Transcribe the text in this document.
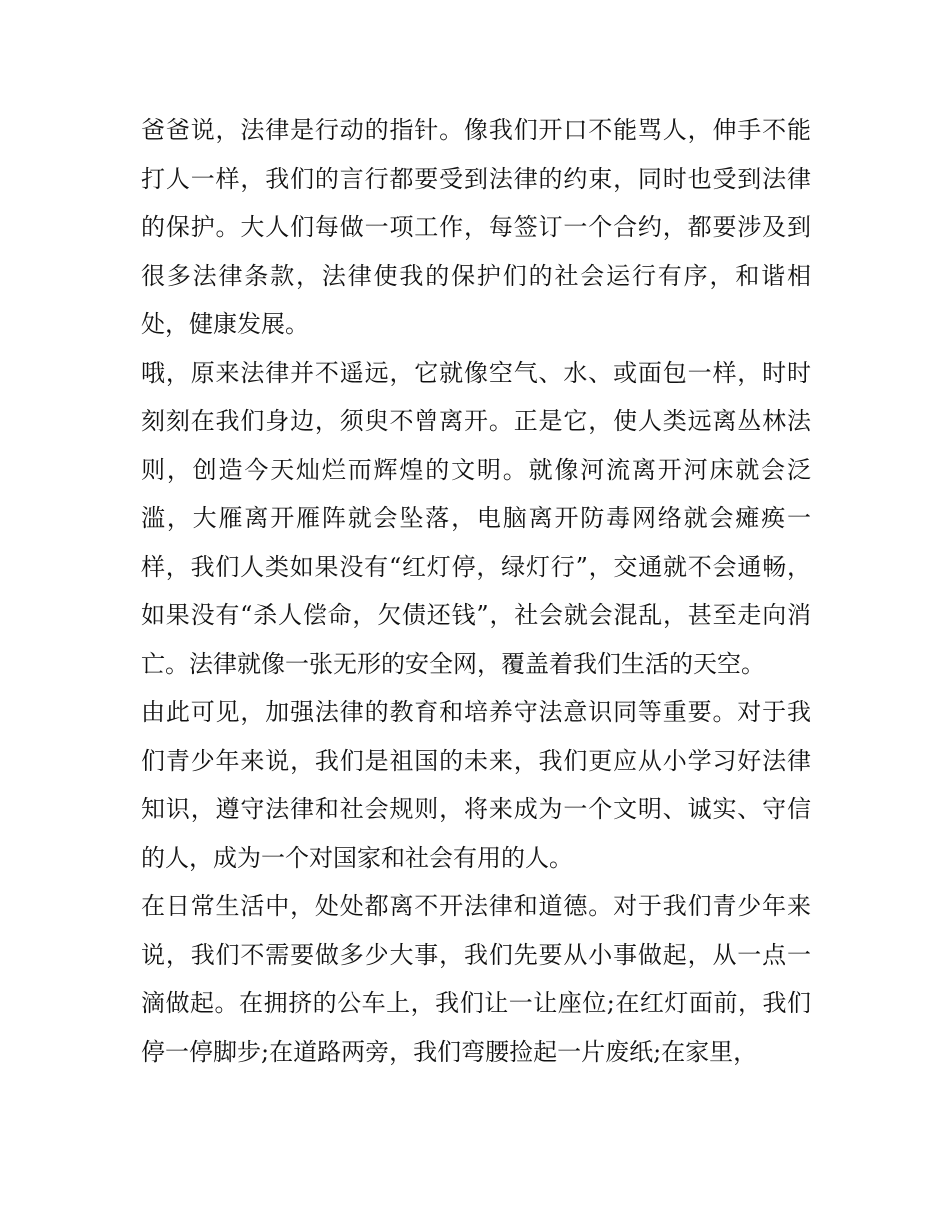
爸爸说，法律是行动的指针。像我们开口不能骂人，伸手不能打人一样，我们的言行都要受到法律的约束，同时也受到法律的保护。大人们每做一项工作，每签订一个合约，都要涉及到很多法律条款，法律使我的保护们的社会运行有序，和谐相处，健康发展。

哦，原来法律并不遥远，它就像空气、水、或面包一样，时时刻刻在我们身边，须臾不曾离开。正是它，使人类远离丛林法则，创造今天灿烂而辉煌的文明。就像河流离开河床就会泛滥，大雁离开雁阵就会坠落，电脑离开防毒网络就会瘫痪一样，我们人类如果没有“红灯停，绿灯行”，交通就不会通畅，如果没有“杀人偿命，欠债还钱”，社会就会混乱，甚至走向消亡。法律就像一张无形的安全网，覆盖着我们生活的天空。

由此可见，加强法律的教育和培养守法意识同等重要。对于我们青少年来说，我们是祖国的未来，我们更应从小学习好法律知识，遵守法律和社会规则，将来成为一个文明、诚实、守信的人，成为一个对国家和社会有用的人。

在日常生活中，处处都离不开法律和道德。对于我们青少年来说，我们不需要做多少大事，我们先要从小事做起，从一点一滴做起。在拥挤的公车上，我们让一让座位;在红灯面前，我们停一停脚步;在道路两旁，我们弯腰捡起一片废纸;在家里，
